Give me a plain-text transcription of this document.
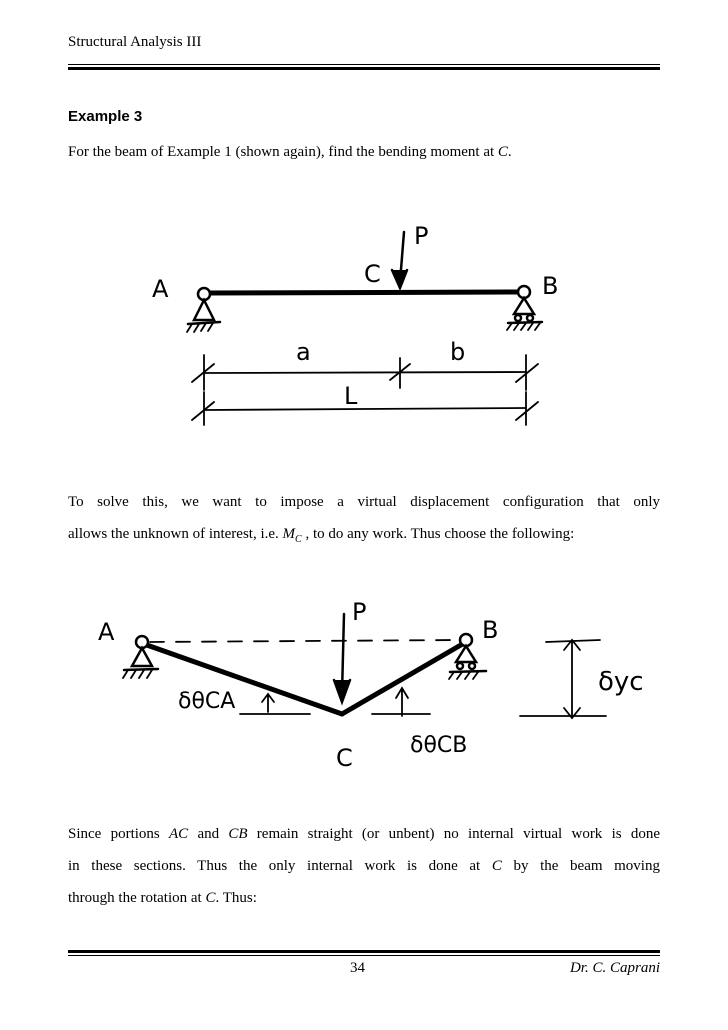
Structural Analysis III
Example 3
For the beam of Example 1 (shown again), find the bending moment at C.
A	B
C
P
a	b
L
To solve this, we want to impose a virtual displacement configuration that only
allows the unknown of interest, i.e. $M_C$ , to do any work. Thus choose the following:
A	B
C
P
δθCA
δθCB
δyc
Since portions AC and CB remain straight (or unbent) no internal virtual work is done
in these sections. Thus the only internal work is done at C by the beam moving
through the rotation at C. Thus:
34	Dr. C. Caprani
